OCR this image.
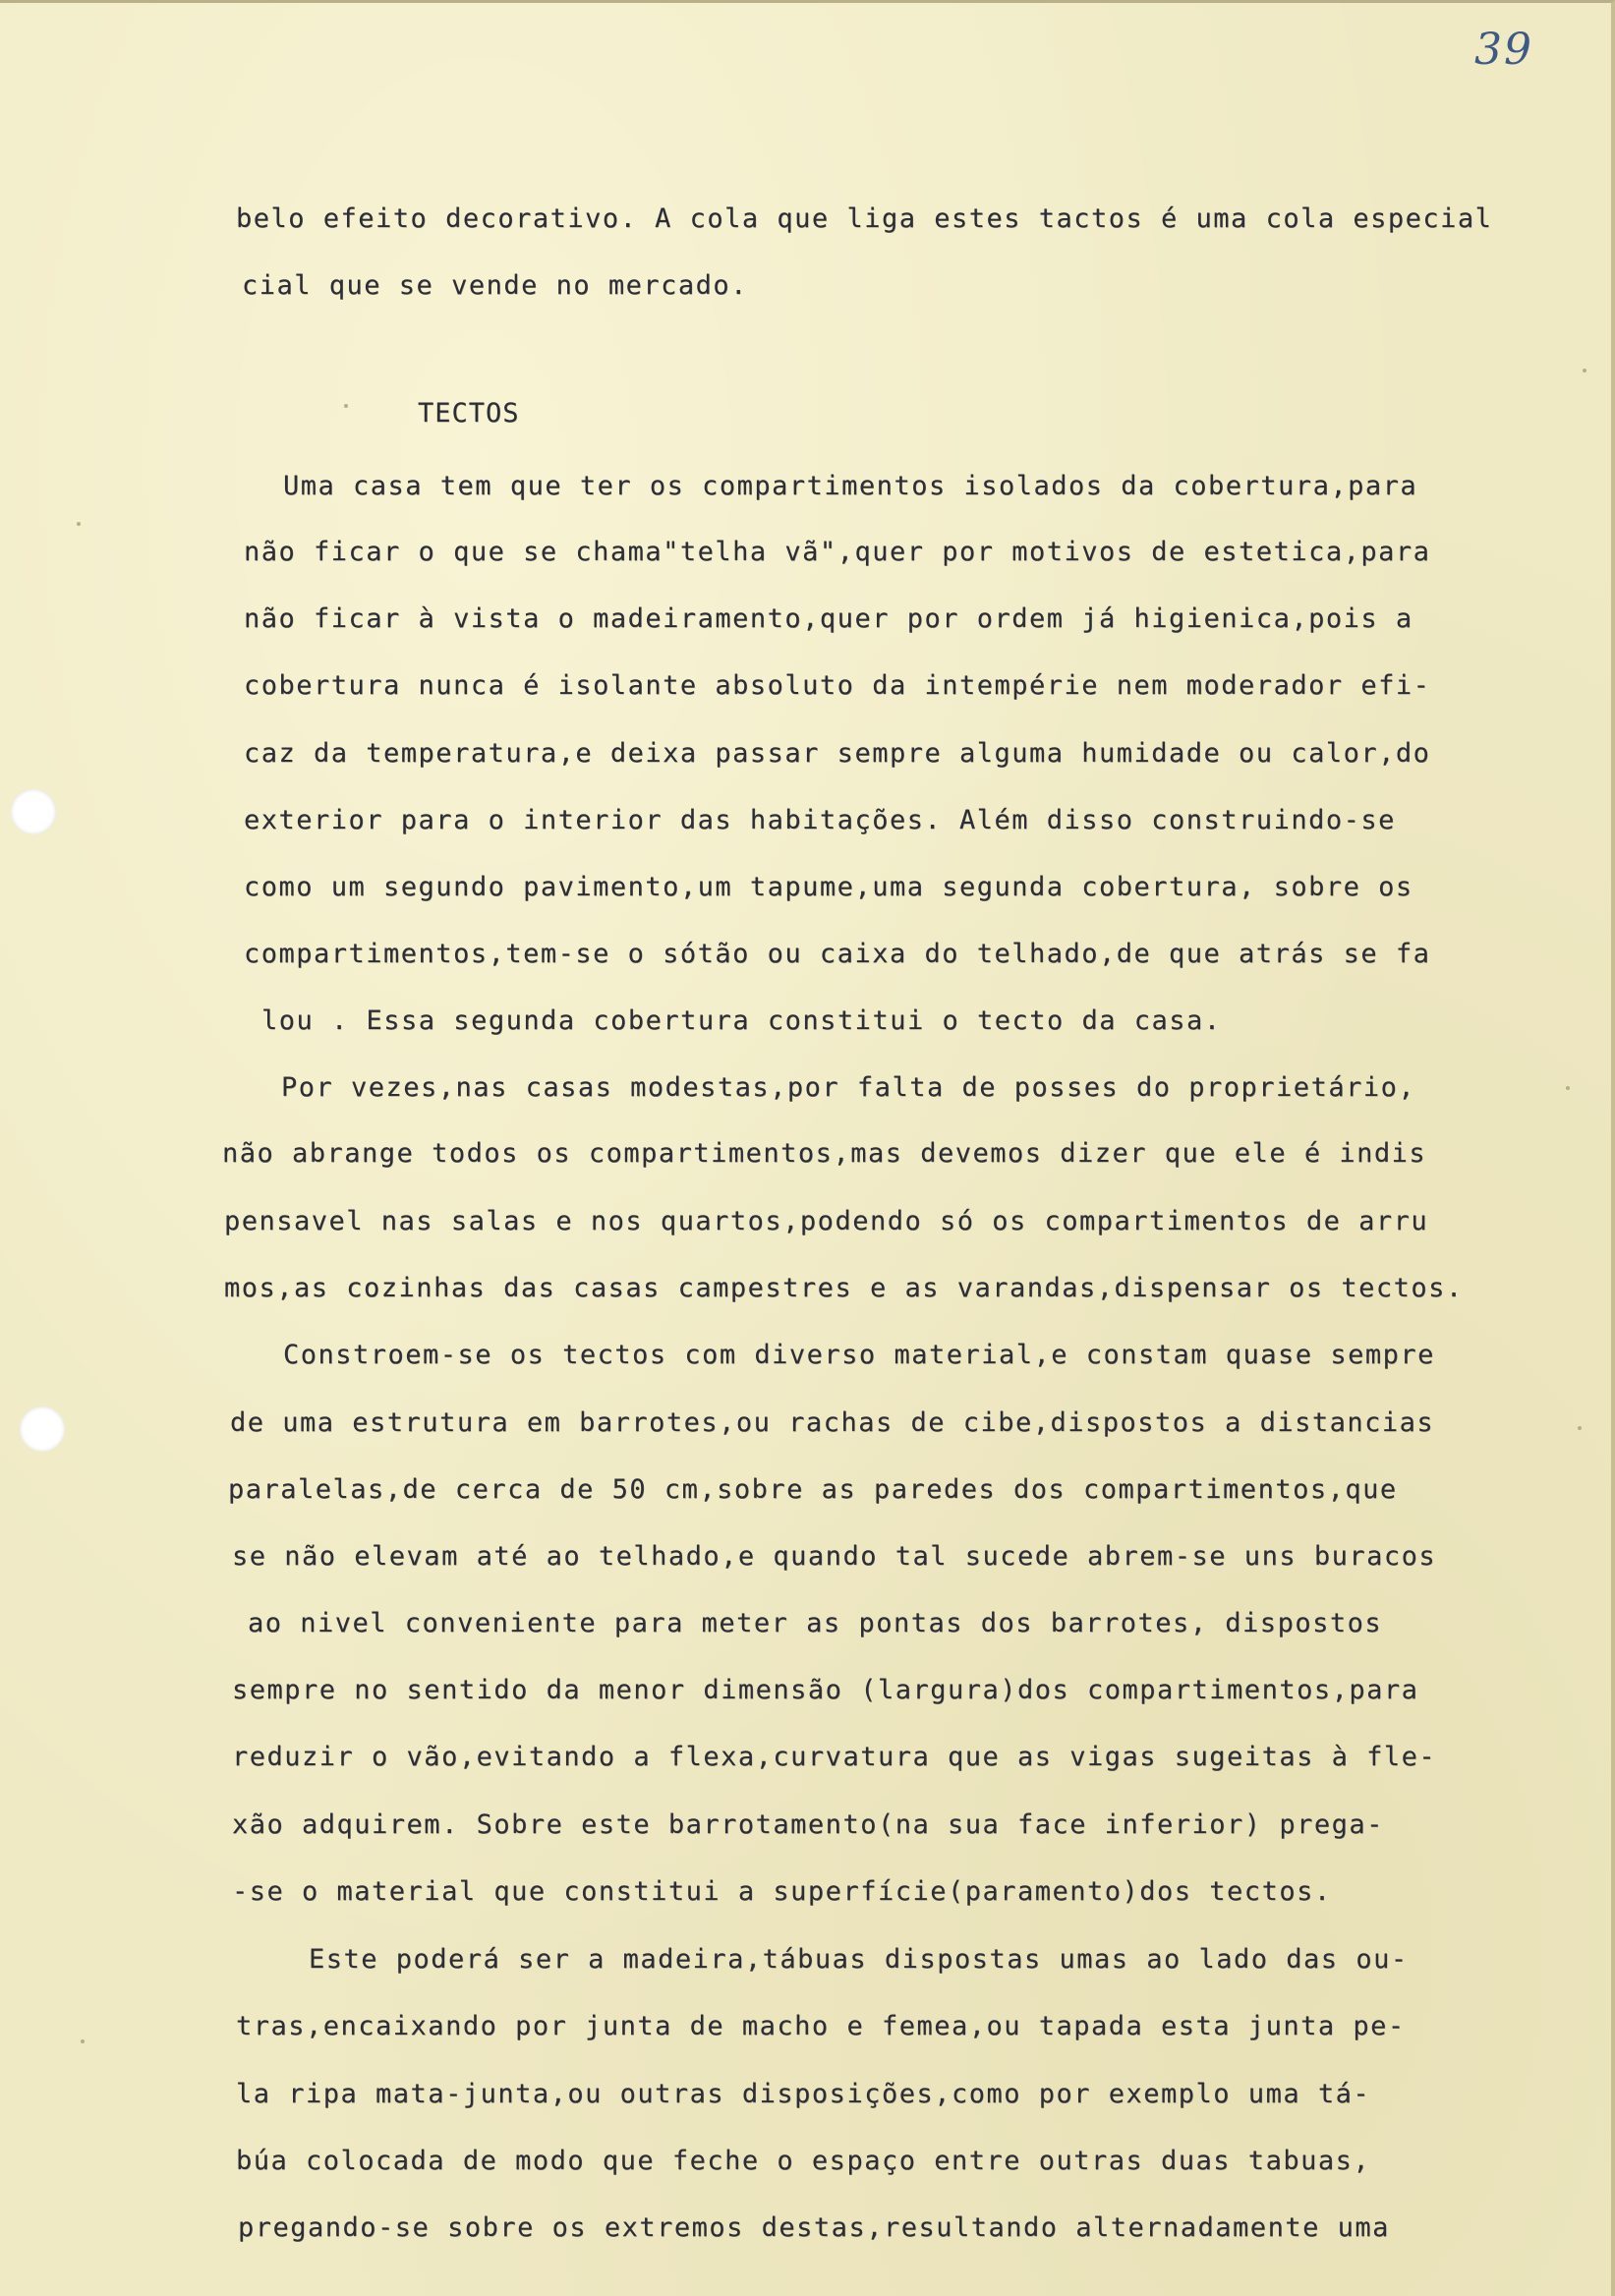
39
belo efeito decorativo. A cola que liga estes tactos é uma cola especial
cial que se vende no mercado.
TECTOS
Uma casa tem que ter os compartimentos isolados da cobertura,para
não ficar o que se chama"telha vã",quer por motivos de estetica,para
não ficar à vista o madeiramento,quer por ordem já higienica,pois a
cobertura nunca é isolante absoluto da intempérie nem moderador efi-
caz da temperatura,e deixa passar sempre alguma humidade ou calor,do
exterior para o interior das habitações. Além disso construindo-se
como um segundo pavimento,um tapume,uma segunda cobertura, sobre os
compartimentos,tem-se o sótão ou caixa do telhado,de que atrás se fa
lou . Essa segunda cobertura constitui o tecto da casa.
Por vezes,nas casas modestas,por falta de posses do proprietário,
não abrange todos os compartimentos,mas devemos dizer que ele é indis
pensavel nas salas e nos quartos,podendo só os compartimentos de arru
mos,as cozinhas das casas campestres e as varandas,dispensar os tectos.
Constroem-se os tectos com diverso material,e constam quase sempre
de uma estrutura em barrotes,ou rachas de cibe,dispostos a distancias
paralelas,de cerca de 50 cm,sobre as paredes dos compartimentos,que
se não elevam até ao telhado,e quando tal sucede abrem-se uns buracos
ao nivel conveniente para meter as pontas dos barrotes, dispostos
sempre no sentido da menor dimensão (largura)dos compartimentos,para
reduzir o vão,evitando a flexa,curvatura que as vigas sugeitas à fle-
xão adquirem. Sobre este barrotamento(na sua face inferior) prega-
-se o material que constitui a superfície(paramento)dos tectos.
Este poderá ser a madeira,tábuas dispostas umas ao lado das ou-
tras,encaixando por junta de macho e femea,ou tapada esta junta pe-
la ripa mata-junta,ou outras disposições,como por exemplo uma tá-
búa colocada de modo que feche o espaço entre outras duas tabuas,
pregando-se sobre os extremos destas,resultando alternadamente uma
